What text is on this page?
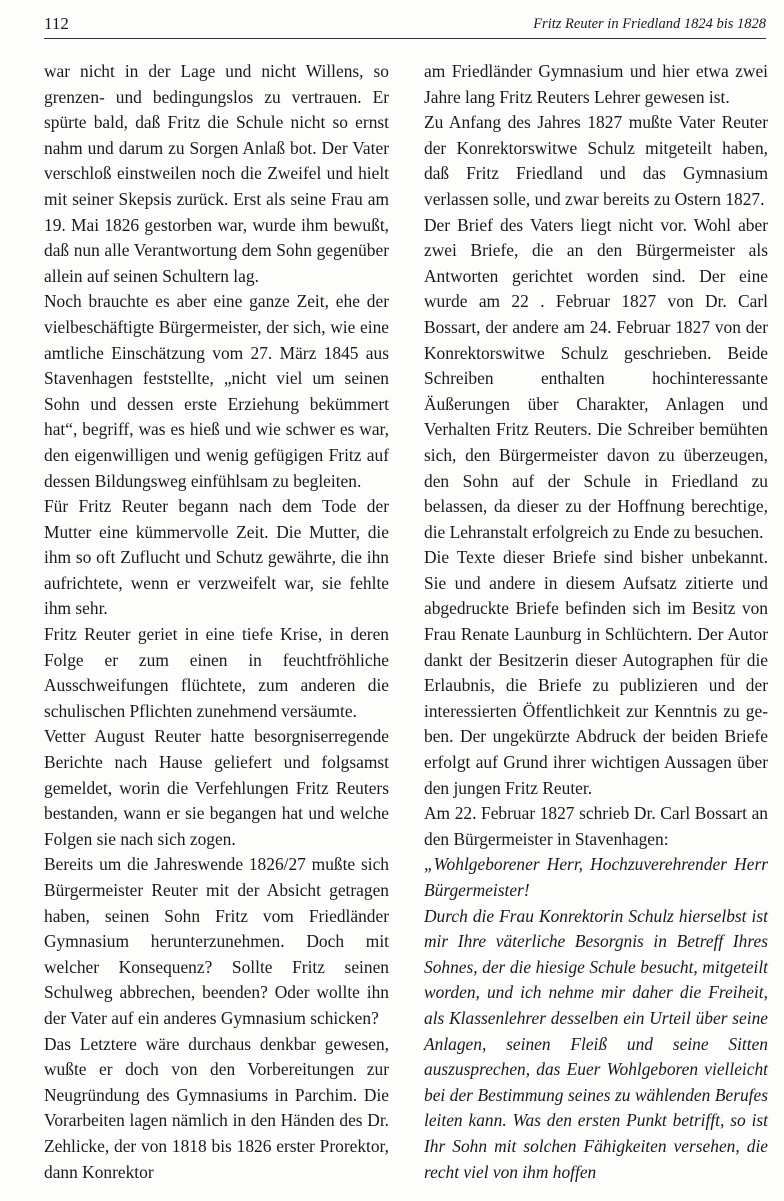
112	Fritz Reuter in Friedland 1824 bis 1828

war nicht in der Lage und nicht Willens, so grenzen- und bedingungslos zu vertrauen. Er spürte bald, daß Fritz die Schule nicht so ernst nahm und darum zu Sorgen Anlaß bot. Der Vater verschloß einstweilen noch die Zweifel und hielt mit seiner Skepsis zurück. Erst als seine Frau am 19. Mai 1826 gestorben war, wurde ihm bewußt, daß nun alle Verantwortung dem Sohn gegenüber allein auf seinen Schultern lag.

Noch brauchte es aber eine ganze Zeit, ehe der vielbeschäftigte Bürgermeister, der sich, wie eine amtliche Einschätzung vom 27. März 1845 aus Stavenhagen feststellte, „nicht viel um seinen Sohn und dessen erste Erziehung bekümmert hat“, begriff, was es hieß und wie schwer es war, den eigenwilligen und wenig gefügigen Fritz auf dessen Bildungsweg einfühlsam zu begleiten.

Für Fritz Reuter begann nach dem Tode der Mutter eine kümmervolle Zeit. Die Mutter, die ihm so oft Zuflucht und Schutz gewährte, die ihn aufrichtete, wenn er verzweifelt war, sie fehlte ihm sehr.

Fritz Reuter geriet in eine tiefe Krise, in deren Folge er zum einen in feuchtfröhliche Ausschweifungen flüchtete, zum anderen die schulischen Pflichten zunehmend versäumte.

Vetter August Reuter hatte besorgniserregende Berichte nach Hause geliefert und folgsamst gemeldet, worin die Verfehlungen Fritz Reuters bestanden, wann er sie begangen hat und welche Folgen sie nach sich zogen.

Bereits um die Jahreswende 1826/27 mußte sich Bürgermeister Reuter mit der Absicht getragen haben, seinen Sohn Fritz vom Friedländer Gymnasium herunterzunehmen. Doch mit welcher Konsequenz? Sollte Fritz seinen Schulweg abbrechen, beenden? Oder wollte ihn der Vater auf ein anderes Gymnasium schicken?

Das Letztere wäre durchaus denkbar gewesen, wußte er doch von den Vorbereitungen zur Neugründung des Gymnasiums in Parchim. Die Vorarbeiten lagen nämlich in den Händen des Dr. Zehlicke, der von 1818 bis 1826 erster Prorektor, dann Konrektor

am Friedländer Gymnasium und hier etwa zwei Jahre lang Fritz Reuters Lehrer gewesen ist.

Zu Anfang des Jahres 1827 mußte Vater Reuter der Konrektorswitwe Schulz mitgeteilt haben, daß Fritz Friedland und das Gymnasium verlassen solle, und zwar bereits zu Ostern 1827.

Der Brief des Vaters liegt nicht vor. Wohl aber zwei Briefe, die an den Bürgermeister als Antworten gerichtet worden sind. Der eine wurde am 22 . Februar 1827 von Dr. Carl Bossart, der andere am 24. Februar 1827 von der Konrektorswitwe Schulz geschrieben. Beide Schreiben enthalten hochinteressante Äußerungen über Charakter, Anlagen und Verhalten Fritz Reuters. Die Schreiber bemühten sich, den Bürgermeister davon zu überzeugen, den Sohn auf der Schule in Friedland zu belassen, da dieser zu der Hoffnung berechtige, die Lehranstalt erfolgreich zu Ende zu besuchen.

Die Texte dieser Briefe sind bisher unbekannt. Sie und andere in diesem Aufsatz zitierte und abgedruckte Briefe befinden sich im Besitz von Frau Renate Launburg in Schlüchtern. Der Autor dankt der Besitzerin dieser Autographen für die Erlaubnis, die Briefe zu publizieren und der interessierten Öffentlichkeit zur Kenntnis zu geben. Der ungekürzte Abdruck der beiden Briefe erfolgt auf Grund ihrer wichtigen Aussagen über den jungen Fritz Reuter.

Am 22. Februar 1827 schrieb Dr. Carl Bossart an den Bürgermeister in Stavenhagen:

„Wohlgeborener Herr, Hochzuverehrender Herr Bürgermeister!

Durch die Frau Konrektorin Schulz hierselbst ist mir Ihre väterliche Besorgnis in Betreff Ihres Sohnes, der die hiesige Schule besucht, mitgeteilt worden, und ich nehme mir daher die Freiheit, als Klassenlehrer desselben ein Urteil über seine Anlagen, seinen Fleiß und seine Sitten auszusprechen, das Euer Wohlgeboren vielleicht bei der Bestimmung seines zu wählenden Berufes leiten kann. Was den ersten Punkt betrifft, so ist Ihr Sohn mit solchen Fähigkeiten versehen, die recht viel von ihm hoffen
